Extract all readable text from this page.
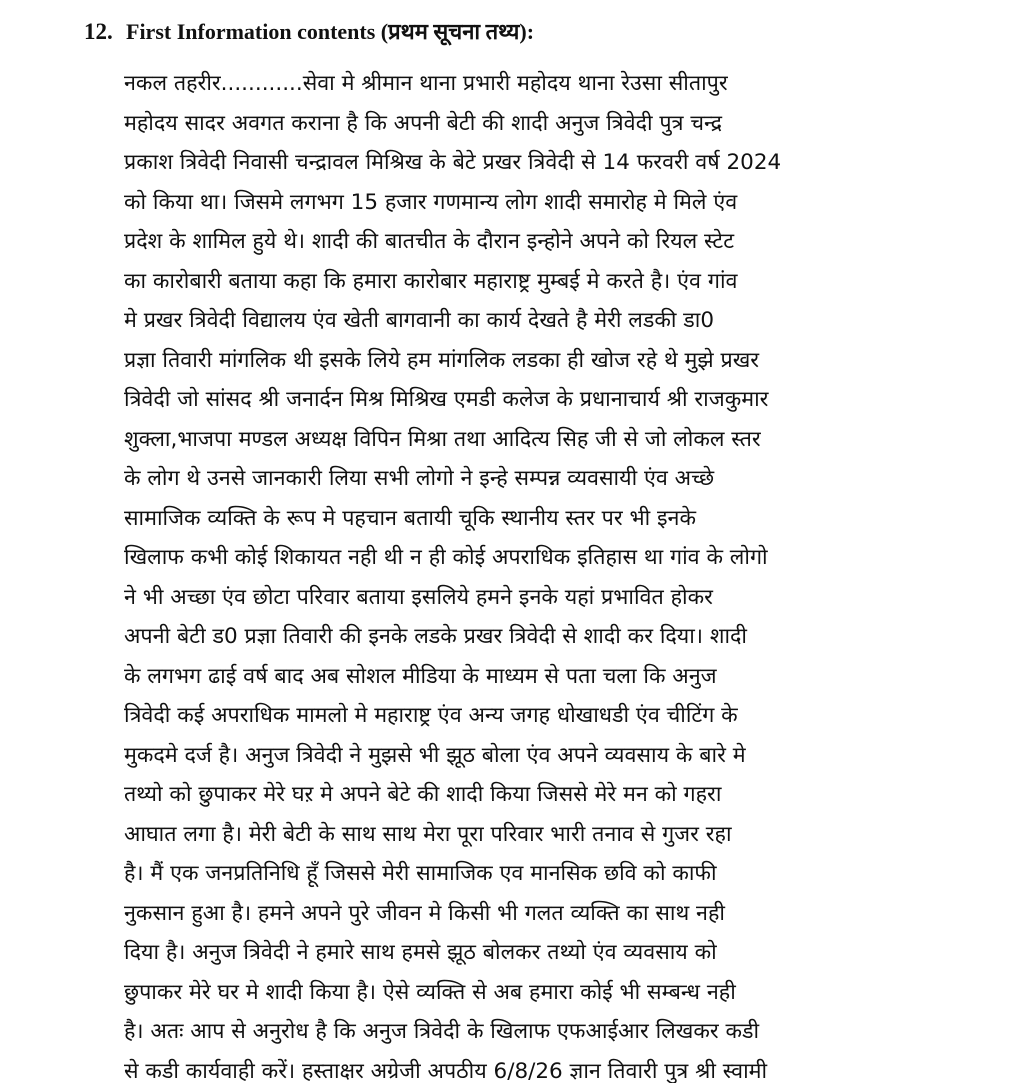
12. First Information contents (प्रथम सूचना तथ्य):
नकल तहरीर............सेवा मे श्रीमान थाना प्रभारी महोदय थाना रेउसा सीतापुर
महोदय सादर अवगत कराना है कि अपनी बेटी की शादी अनुज त्रिवेदी पुत्र चन्द्र
प्रकाश त्रिवेदी निवासी चन्द्रावल मिश्रिख के बेटे प्रखर त्रिवेदी से 14 फरवरी वर्ष 2024
को किया था। जिसमे लगभग 15 हजार गणमान्य लोग शादी समारोह मे मिले एंव
प्रदेश के शामिल हुये थे। शादी की बातचीत के दौरान इन्होने अपने को रियल स्टेट
का कारोबारी बताया कहा कि हमारा कारोबार महाराष्ट्र मुम्बई मे करते है। एंव गांव
मे प्रखर त्रिवेदी विद्यालय एंव खेती बागवानी का कार्य देखते है मेरी लडकी डा0
प्रज्ञा तिवारी मांगलिक थी इसके लिये हम मांगलिक लडका ही खोज रहे थे मुझे प्रखर
त्रिवेदी जो सांसद श्री जनार्दन मिश्र मिश्रिख एमडी कलेज के प्रधानाचार्य श्री राजकुमार
शुक्ला,भाजपा मण्डल अध्यक्ष विपिन मिश्रा तथा आदित्य सिह जी से जो लोकल स्तर
के लोग थे उनसे जानकारी लिया सभी लोगो ने इन्हे सम्पन्न व्यवसायी एंव अच्छे
सामाजिक व्यक्ति के रूप मे पहचान बतायी चूकि स्थानीय स्तर पर भी इनके
खिलाफ कभी कोई शिकायत नही थी न ही कोई अपराधिक इतिहास था गांव के लोगो
ने भी अच्छा एंव छोटा परिवार बताया इसलिये हमने इनके यहां प्रभावित होकर
अपनी बेटी ड0 प्रज्ञा तिवारी की इनके लडके प्रखर त्रिवेदी से शादी कर दिया। शादी
के लगभग ढाई वर्ष बाद अब सोशल मीडिया के माध्यम से पता चला कि अनुज
त्रिवेदी कई अपराधिक मामलो मे महाराष्ट्र एंव अन्य जगह धोखाधडी एंव चीटिंग के
मुकदमे दर्ज है। अनुज त्रिवेदी ने मुझसे भी झूठ बोला एंव अपने व्यवसाय के बारे मे
तथ्यो को छुपाकर मेरे घऱ मे अपने बेटे की शादी किया जिससे मेरे मन को गहरा
आघात लगा है। मेरी बेटी के साथ साथ मेरा पूरा परिवार भारी तनाव से गुजर रहा
है। मैं एक जनप्रतिनिधि हूँ जिससे मेरी सामाजिक एव मानसिक छवि को काफी
नुकसान हुआ है। हमने अपने पुरे जीवन मे किसी भी गलत व्यक्ति का साथ नही
दिया है। अनुज त्रिवेदी ने हमारे साथ हमसे झूठ बोलकर तथ्यो एंव व्यवसाय को
छुपाकर मेरे घर मे शादी किया है। ऐसे व्यक्ति से अब हमारा कोई भी सम्बन्ध नही
है। अतः आप से अनुरोध है कि अनुज त्रिवेदी के खिलाफ एफआईआर लिखकर कडी
से कडी कार्यवाही करें। हस्ताक्षर अग्रेजी अपठीय 6/8/26 ज्ञान तिवारी पुत्र श्री स्वामी
